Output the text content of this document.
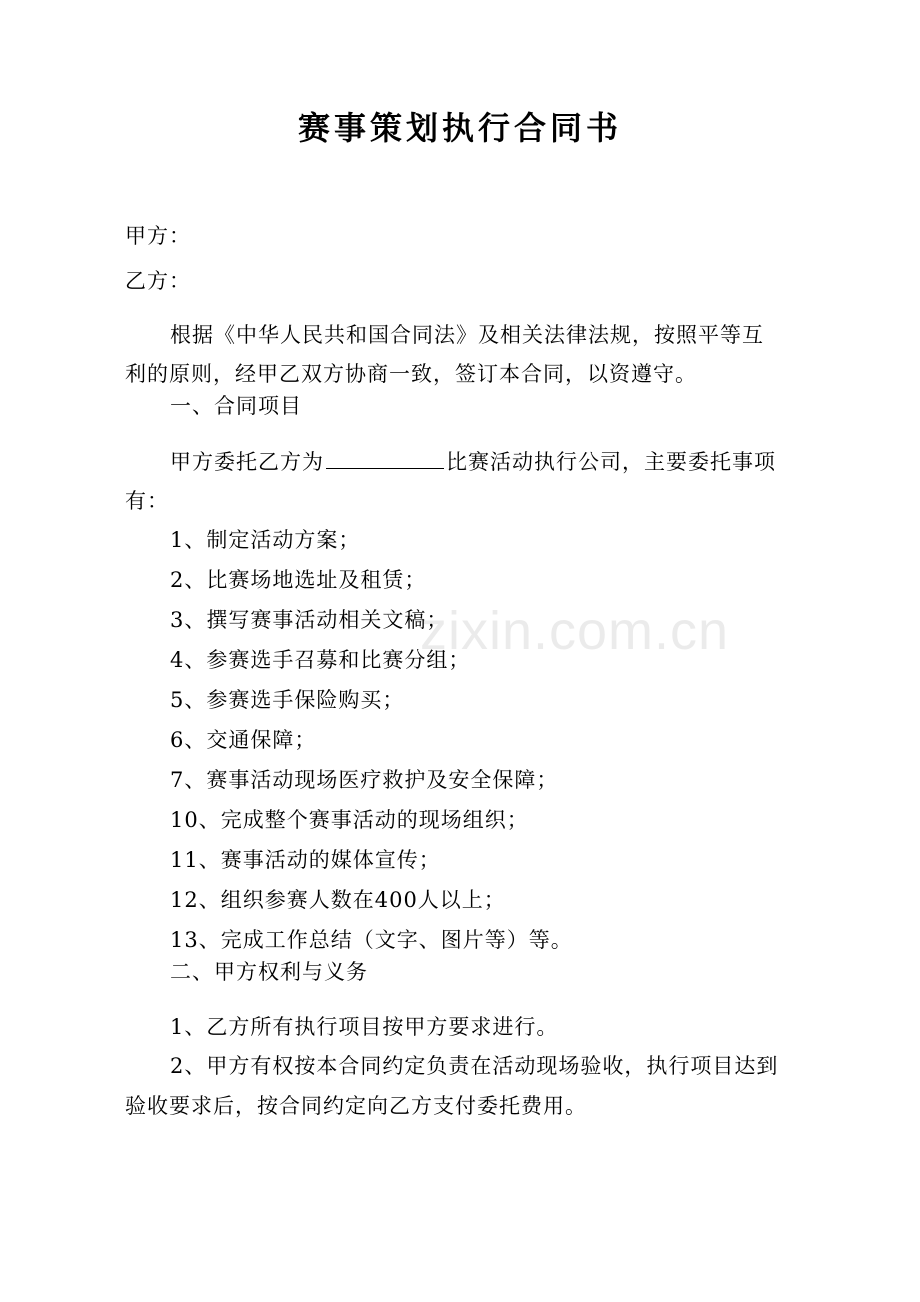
赛事策划执行合同书
甲方：
乙方：
根据《中华人民共和国合同法》及相关法律法规，按照平等互
利的原则，经甲乙双方协商一致，签订本合同，以资遵守。
一、合同项目
甲方委托乙方为	比赛活动执行公司，主要委托事项
有：
1、制定活动方案；
2、比赛场地选址及租赁；
3、撰写赛事活动相关文稿；
4、参赛选手召募和比赛分组；
5、参赛选手保险购买；
6、交通保障；
7、赛事活动现场医疗救护及安全保障；
10、完成整个赛事活动的现场组织；
11、赛事活动的媒体宣传；
12、组织参赛人数在400人以上；
13、完成工作总结（文字、图片等）等。
二、甲方权利与义务
1、乙方所有执行项目按甲方要求进行。
2、甲方有权按本合同约定负责在活动现场验收，执行项目达到
验收要求后，按合同约定向乙方支付委托费用。
zixin.com.cn
